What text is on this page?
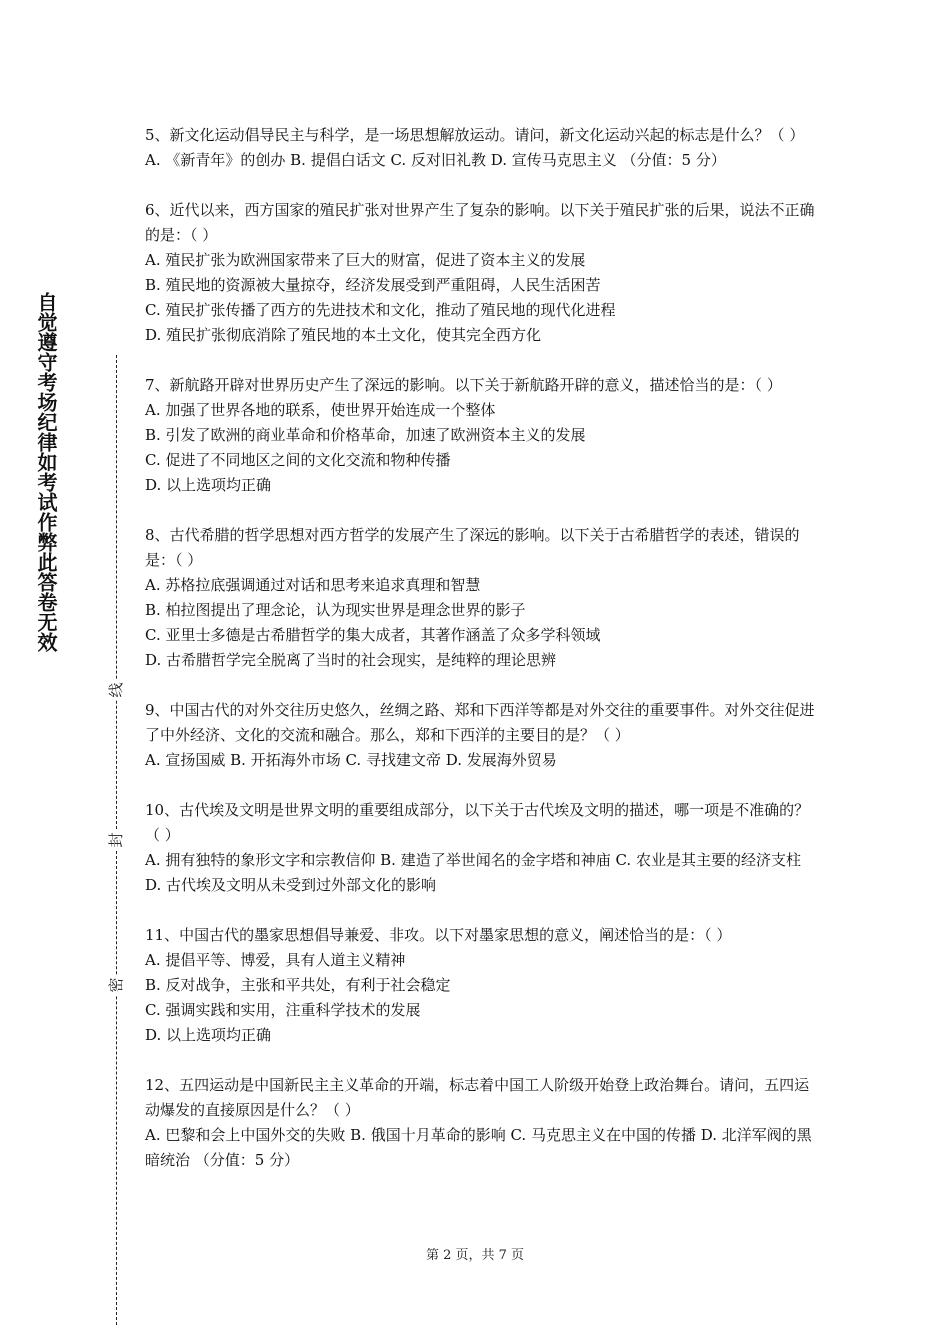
自觉遵守考场纪律如考试作弊此答卷无效
线
封
密

5、新文化运动倡导民主与科学，是一场思想解放运动。请问，新文化运动兴起的标志是什么？（ ）

A. 《新青年》的创办 B. 提倡白话文 C. 反对旧礼教 D. 宣传马克思主义 （分值：5 分）

6、近代以来，西方国家的殖民扩张对世界产生了复杂的影响。以下关于殖民扩张的后果，说法不正确的是：（ ）

A. 殖民扩张为欧洲国家带来了巨大的财富，促进了资本主义的发展

B. 殖民地的资源被大量掠夺，经济发展受到严重阻碍，人民生活困苦

C. 殖民扩张传播了西方的先进技术和文化，推动了殖民地的现代化进程

D. 殖民扩张彻底消除了殖民地的本土文化，使其完全西方化

7、新航路开辟对世界历史产生了深远的影响。以下关于新航路开辟的意义，描述恰当的是：（ ）

A. 加强了世界各地的联系，使世界开始连成一个整体

B. 引发了欧洲的商业革命和价格革命，加速了欧洲资本主义的发展

C. 促进了不同地区之间的文化交流和物种传播

D. 以上选项均正确

8、古代希腊的哲学思想对西方哲学的发展产生了深远的影响。以下关于古希腊哲学的表述，错误的是：（ ）

A. 苏格拉底强调通过对话和思考来追求真理和智慧

B. 柏拉图提出了理念论，认为现实世界是理念世界的影子

C. 亚里士多德是古希腊哲学的集大成者，其著作涵盖了众多学科领域

D. 古希腊哲学完全脱离了当时的社会现实，是纯粹的理论思辨

9、中国古代的对外交往历史悠久，丝绸之路、郑和下西洋等都是对外交往的重要事件。对外交往促进了中外经济、文化的交流和融合。那么，郑和下西洋的主要目的是？（ ）

A. 宣扬国威 B. 开拓海外市场 C. 寻找建文帝 D. 发展海外贸易

10、古代埃及文明是世界文明的重要组成部分，以下关于古代埃及文明的描述，哪一项是不准确的？（ ）

A. 拥有独特的象形文字和宗教信仰 B. 建造了举世闻名的金字塔和神庙 C. 农业是其主要的经济支柱 D. 古代埃及文明从未受到过外部文化的影响

11、中国古代的墨家思想倡导兼爱、非攻。以下对墨家思想的意义，阐述恰当的是：（ ）

A. 提倡平等、博爱，具有人道主义精神

B. 反对战争，主张和平共处，有利于社会稳定

C. 强调实践和实用，注重科学技术的发展

D. 以上选项均正确

12、五四运动是中国新民主主义革命的开端，标志着中国工人阶级开始登上政治舞台。请问，五四运动爆发的直接原因是什么？（ ）

A. 巴黎和会上中国外交的失败 B. 俄国十月革命的影响 C. 马克思主义在中国的传播 D. 北洋军阀的黑暗统治 （分值：5 分）

第 2 页，共 7 页
